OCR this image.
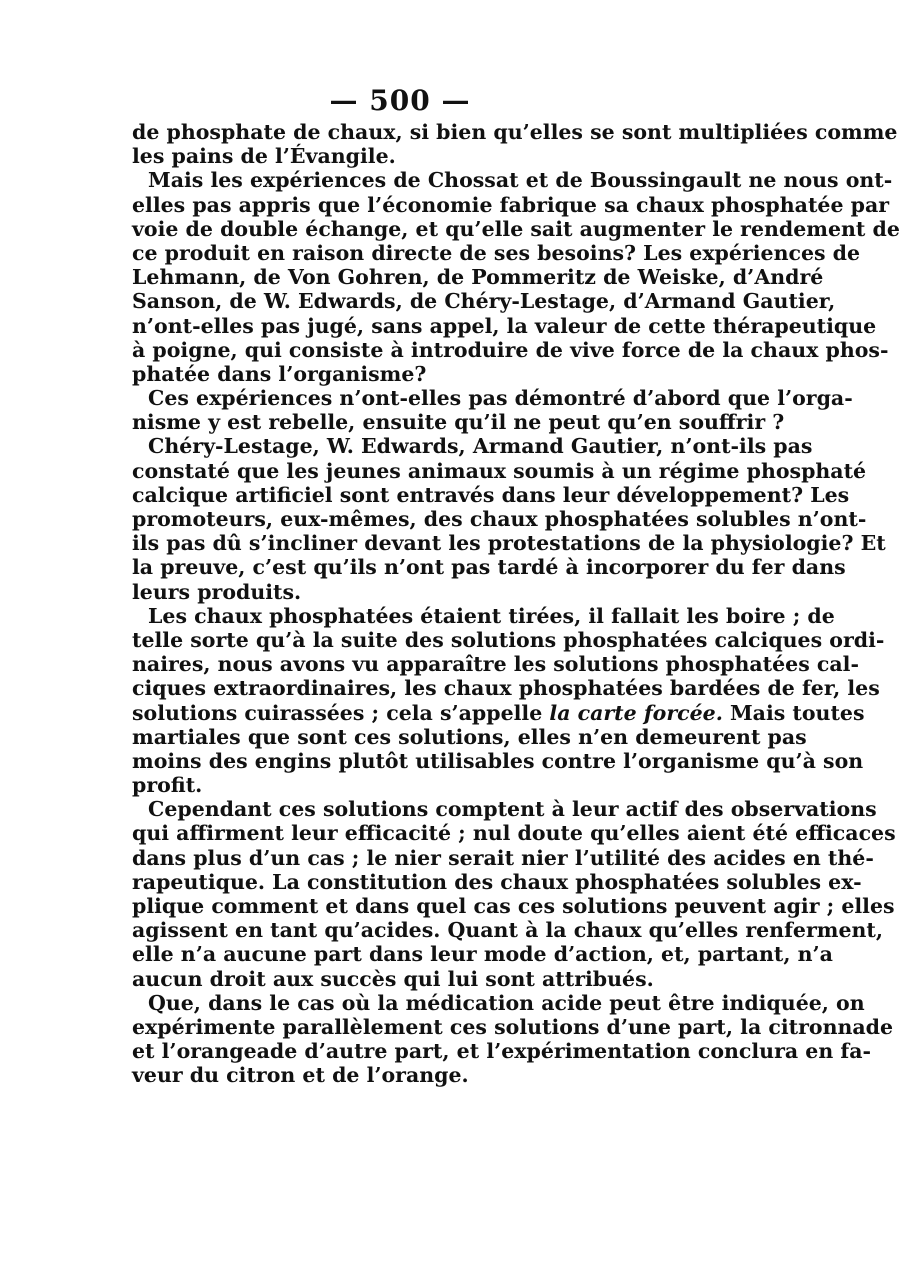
— 500 —
de phosphate de chaux, si bien qu’elles se sont multipliées comme
les pains de l’Évangile.
Mais les expériences de Chossat et de Boussingault ne nous ont-
elles pas appris que l’économie fabrique sa chaux phosphatée par
voie de double échange, et qu’elle sait augmenter le rendement de
ce produit en raison directe de ses besoins? Les expériences de
Lehmann, de Von Gohren, de Pommeritz de Weiske, d’André
Sanson, de W. Edwards, de Chéry-Lestage, d’Armand Gautier,
n’ont-elles pas jugé, sans appel, la valeur de cette thérapeutique
à poigne, qui consiste à introduire de vive force de la chaux phos-
phatée dans l’organisme?
Ces expériences n’ont-elles pas démontré d’abord que l’orga-
nisme y est rebelle, ensuite qu’il ne peut qu’en souffrir ?
Chéry-Lestage, W. Edwards, Armand Gautier, n’ont-ils pas
constaté que les jeunes animaux soumis à un régime phosphaté
calcique artificiel sont entravés dans leur développement? Les
promoteurs, eux-mêmes, des chaux phosphatées solubles n’ont-
ils pas dû s’incliner devant les protestations de la physiologie? Et
la preuve, c’est qu’ils n’ont pas tardé à incorporer du fer dans
leurs produits.
Les chaux phosphatées étaient tirées, il fallait les boire ; de
telle sorte qu’à la suite des solutions phosphatées calciques ordi-
naires, nous avons vu apparaître les solutions phosphatées cal-
ciques extraordinaires, les chaux phosphatées bardées de fer, les
solutions cuirassées ; cela s’appelle la carte forcée. Mais toutes
martiales que sont ces solutions, elles n’en demeurent pas
moins des engins plutôt utilisables contre l’organisme qu’à son
profit.
Cependant ces solutions comptent à leur actif des observations
qui affirment leur efficacité ; nul doute qu’elles aient été efficaces
dans plus d’un cas ; le nier serait nier l’utilité des acides en thé-
rapeutique. La constitution des chaux phosphatées solubles ex-
plique comment et dans quel cas ces solutions peuvent agir ; elles
agissent en tant qu’acides. Quant à la chaux qu’elles renferment,
elle n’a aucune part dans leur mode d’action, et, partant, n’a
aucun droit aux succès qui lui sont attribués.
Que, dans le cas où la médication acide peut être indiquée, on
expérimente parallèlement ces solutions d’une part, la citronnade
et l’orangeade d’autre part, et l’expérimentation conclura en fa-
veur du citron et de l’orange.
